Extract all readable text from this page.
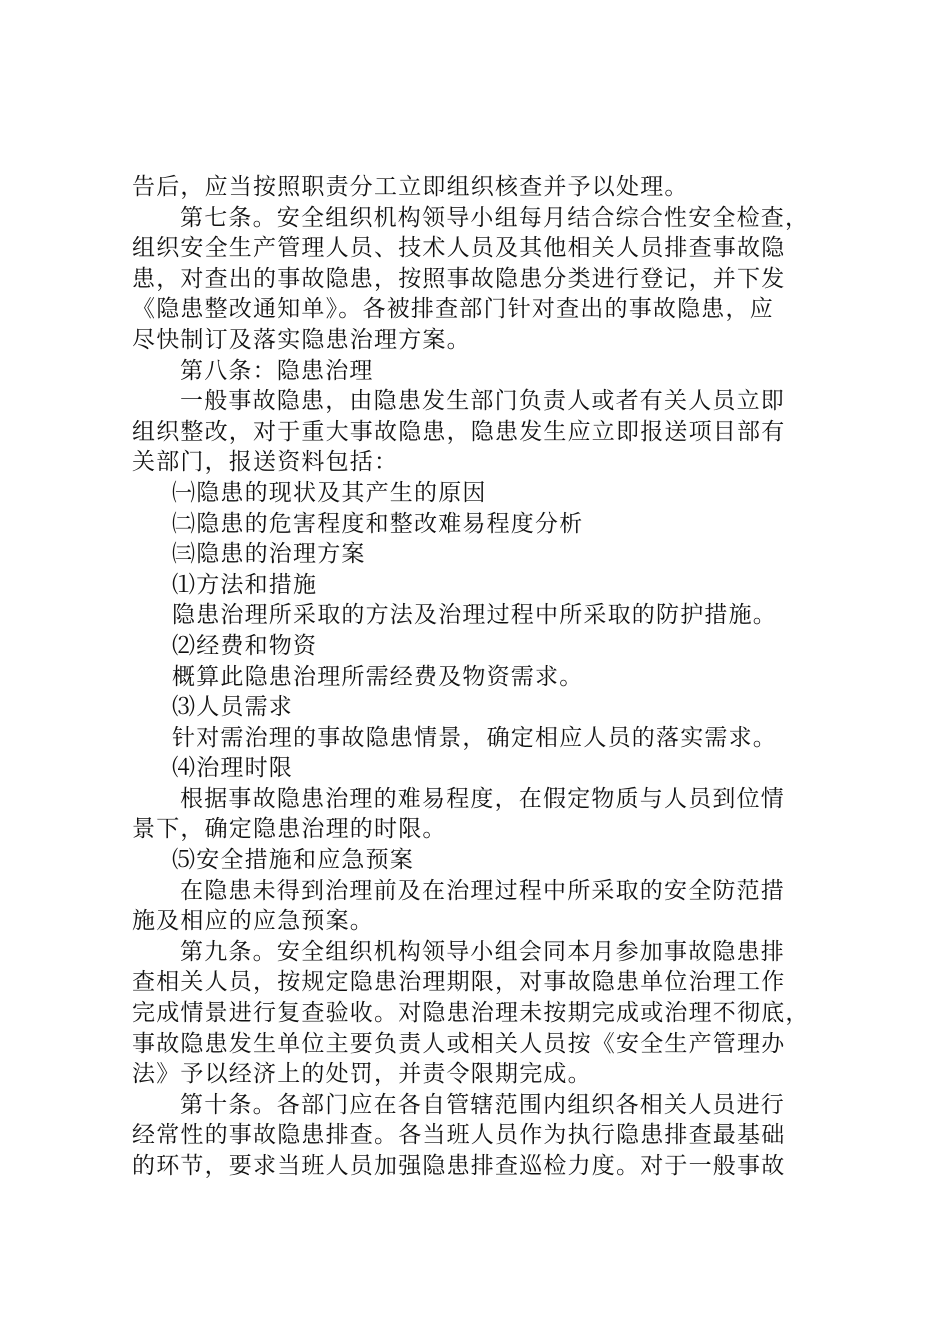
告后，应当按照职责分工立即组织核查并予以处理。
第七条。安全组织机构领导小组每月结合综合性安全检查，
组织安全生产管理人员、技术人员及其他相关人员排查事故隐
患，对查出的事故隐患，按照事故隐患分类进行登记，并下发
《隐患整改通知单》。各被排查部门针对查出的事故隐患，应
尽快制订及落实隐患治理方案。
第八条：隐患治理
一般事故隐患，由隐患发生部门负责人或者有关人员立即
组织整改，对于重大事故隐患，隐患发生应立即报送项目部有
关部门，报送资料包括：
㈠隐患的现状及其产生的原因
㈡隐患的危害程度和整改难易程度分析
㈢隐患的治理方案
⑴方法和措施
隐患治理所采取的方法及治理过程中所采取的防护措施。
⑵经费和物资
概算此隐患治理所需经费及物资需求。
⑶人员需求
针对需治理的事故隐患情景，确定相应人员的落实需求。
⑷治理时限
根据事故隐患治理的难易程度，在假定物质与人员到位情
景下，确定隐患治理的时限。
⑸安全措施和应急预案
在隐患未得到治理前及在治理过程中所采取的安全防范措
施及相应的应急预案。
第九条。安全组织机构领导小组会同本月参加事故隐患排
查相关人员，按规定隐患治理期限，对事故隐患单位治理工作
完成情景进行复查验收。对隐患治理未按期完成或治理不彻底，
事故隐患发生单位主要负责人或相关人员按《安全生产管理办
法》予以经济上的处罚，并责令限期完成。
第十条。各部门应在各自管辖范围内组织各相关人员进行
经常性的事故隐患排查。各当班人员作为执行隐患排查最基础
的环节，要求当班人员加强隐患排查巡检力度。对于一般事故
